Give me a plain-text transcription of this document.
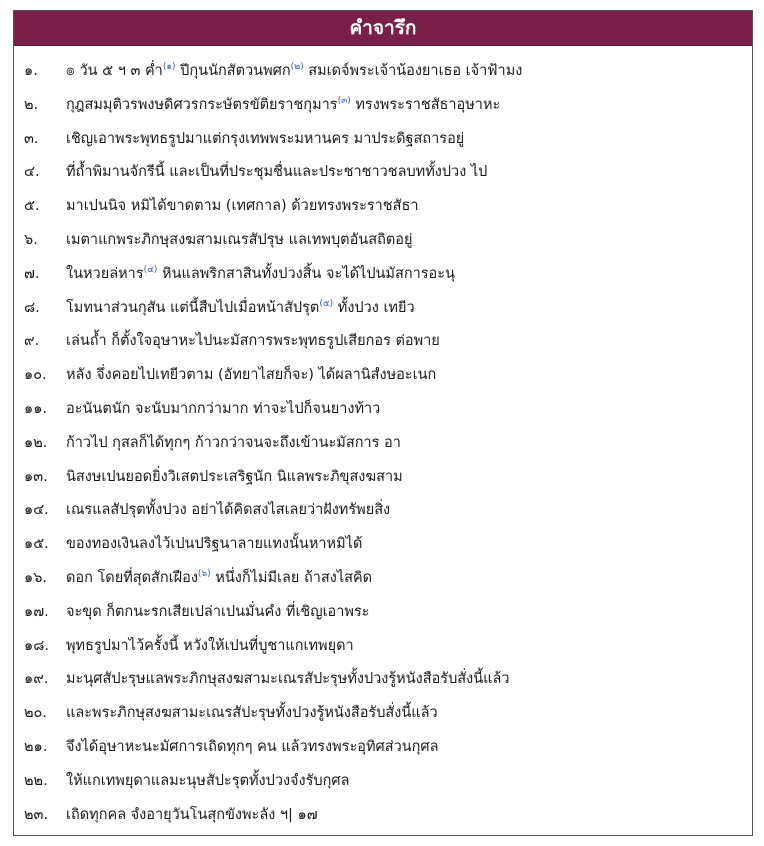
คำจารึก
๑.	๏ วัน ๕ ฯ ๓ ค่ำ$^{(๑)}$ ปีกุนนักสัตวนพศก$^{(๒)}$ สมเดจ์พระเจ้าน้องยาเธอ เจ้าฟ้ามง
๒.	กุฎสมมุติวรพงษดิศวรกระษัตรขัติยราชกุมาร$^{(๓)}$ ทรงพระราชสัธาอุษาหะ
๓.	เชิญเอาพระพุทธรูปมาแต่กรุงเทพพระมหานคร มาประดิฐสถารอยู่
๔.	ที่ถ้ำพิมานจักรีนี้ และเป็นที่ประชุมชื่นและประชาชาวชลบททั้งปวง ไป
๕.	มาเปนนิจ หมิได้ขาดตาม (เทศกาล) ด้วยทรงพระราชสัธา
๖.	เมตาแกพระภิกษุสงฆสามเณรสัปรุษ แลเทพบุตอันสถิตอยู่
๗.	ในหวยล่หาร$^{(๔)}$ หินแลพริกสาสินทั้งปวงสิ้น จะได้ไปนมัสการอะนุ
๘.	โมทนาส่วนกุสัน แต่นี้สืบไปเมื่อหน้าสัปรุต$^{(๕)}$ ทั้งปวง เทยีว
๙.	เล่นถ้ำ ก็ตั้งใจอุษาหะไปนะมัสการพระพุทธรูปเสียกอร ต่อพาย
๑๐.	หลัง จึ่งคอยไปเทยีวตาม (อัทยาไสยก็จะ) ได้ผลานิสํงษอะเนก
๑๑.	อะนันตนัก จะนับมากกว่ามาก ท่าจะไปก็จนยางท้าว
๑๒.	ก้าวไป กุสลก็ได้ทุกๆ ก้าวกว่าจนจะถึงเข้านะมัสการ อา
๑๓.	นิสงษเปนยอดยิ่งวิเสตประเสริฐนัก นิแลพระภิขุสงฆสาม
๑๔.	เณรแลสัปรุตทั้งปวง อย่าได้คิดสงไสเลยว่าฝังทรัพยสิ่ง
๑๕.	ของทองเงินลงไว้เปนปริฐนาลายแทงนั้นหาหมิได้
๑๖.	ดอก โดยที่สุดสักเฝือง$^{(๖)}$ หนึ่งก็ไม่มีเลย ถ้าสงไสคิด
๑๗.	จะขุด ก็ตกนะรกเสียเปล่าเปนมั่นคํง ที่เชิญเอาพระ
๑๘.	พุทธรูปมาไว้ครั้งนี้ หวังให้เปนที่บูชาแกเทพยุดา
๑๙.	มะนุศสัปะรุษแลพระภิกษุสงฆสามะเณรสัปะรุษทั้งปวงรู้หนังสือรับสั่งนี้แล้ว
๒๐.	และพระภิกษุสงฆสามะเณรสัปะรุษทั้งปวงรู้หนังสือรับสั่งนี้แล้ว
๒๑.	จึงได้อุษาหะนะมัศการเถิดทุกๆ คน แล้วทรงพระอุทิศส่วนกุศล
๒๒.	ให้แกเทพยุดาแลมะนุษสัปะรุตทั้งปวงจํงรับกุศล
๒๓.	เถิดทุกคล จํงอายุวันโนสุกขังพะลัง ฯ| ๑๗
